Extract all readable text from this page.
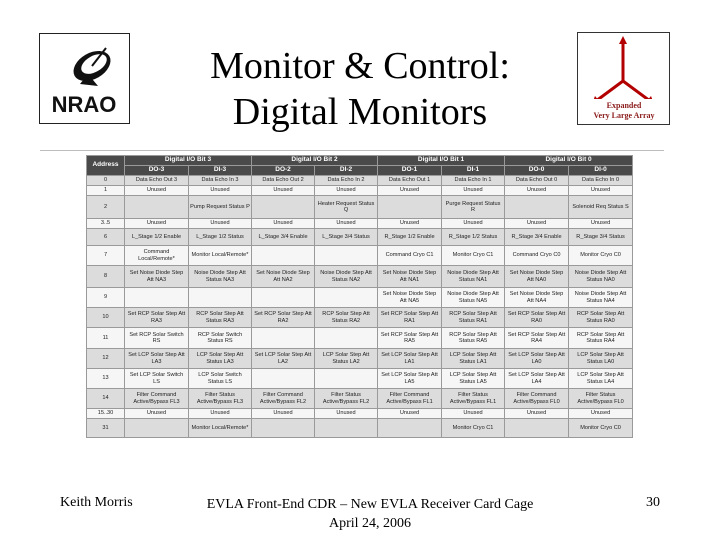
NRAO
Monitor & Control:
Digital Monitors	Expanded
Very Large Array
Address	Digital I/O Bit 3		Digital I/O Bit 2		Digital I/O Bit 1		Digital I/O Bit 0	
	DO-3	DI-3	DO-2	DI-2	DO-1	DI-1	DO-0	DI-0
0	Data Echo Out 3	Data Echo In 3	Data Echo Out 2	Data Echo In 2	Data Echo Out 1	Data Echo In 1	Data Echo Out 0	Data Echo In 0
1	Unused	Unused	Unused	Unused	Unused	Unused	Unused	Unused
2		Pump Request Status P		Heater Request Status Q		Purge Request Status R		Solenoid Req Status S
3..5	Unused	Unused	Unused	Unused	Unused	Unused	Unused	Unused
6	L_Stage 1/2 Enable	L_Stage 1/2 Status	L_Stage 3/4 Enable	L_Stage 3/4 Status	R_Stage 1/2 Enable	R_Stage 1/2 Status	R_Stage 3/4 Enable	R_Stage 3/4 Status
7	Command Local/Remote*	Monitor Local/Remote*			Command Cryo C1	Monitor Cryo C1	Command Cryo C0	Monitor Cryo C0
8	Set Noise Diode Step Att NA3	Noise Diode Step Att Status NA3	Set Noise Diode Step Att NA2	Noise Diode Step Att Status NA2	Set Noise Diode Step Att NA1	Noise Diode Step Att Status NA1	Set Noise Diode Step Att NA0	Noise Diode Step Att Status NA0
9					Set Noise Diode Step Att NA5	Noise Diode Step Att Status NA5	Set Noise Diode Step Att NA4	Noise Diode Step Att Status NA4
10	Set RCP Solar Step Att RA3	RCP Solar Step Att Status RA3	Set RCP Solar Step Att RA2	RCP Solar Step Att Status RA2	Set RCP Solar Step Att RA1	RCP Solar Step Att Status RA1	Set RCP Solar Step Att RA0	RCP Solar Step Att Status RA0
11	Set RCP Solar Switch RS	RCP Solar Switch Status RS			Set RCP Solar Step Att RA5	RCP Solar Step Att Status RA5	Set RCP Solar Step Att RA4	RCP Solar Step Att Status RA4
12	Set LCP Solar Step Att LA3	LCP Solar Step Att Status LA3	Set LCP Solar Step Att LA2	LCP Solar Step Att Status LA2	Set LCP Solar Step Att LA1	LCP Solar Step Att Status LA1	Set LCP Solar Step Att LA0	LCP Solar Step Att Status LA0
13	Set LCP Solar Switch LS	LCP Solar Switch Status LS			Set LCP Solar Step Att LA5	LCP Solar Step Att Status LA5	Set LCP Solar Step Att LA4	LCP Solar Step Att Status LA4
14	Filter Command Active/Bypass FL3	Filter Status Active/Bypass FL3	Filter Command Active/Bypass FL2	Filter Status Active/Bypass FL2	Filter Command Active/Bypass FL1	Filter Status Active/Bypass FL1	Filter Command Active/Bypass FL0	Filter Status Active/Bypass FL0
15..30	Unused	Unused	Unused	Unused	Unused	Unused	Unused	Unused
31		Monitor Local/Remote*				Monitor Cryo C1		Monitor Cryo C0
Keith Morris	EVLA Front-End CDR – New EVLA Receiver Card Cage
April 24, 2006
30
